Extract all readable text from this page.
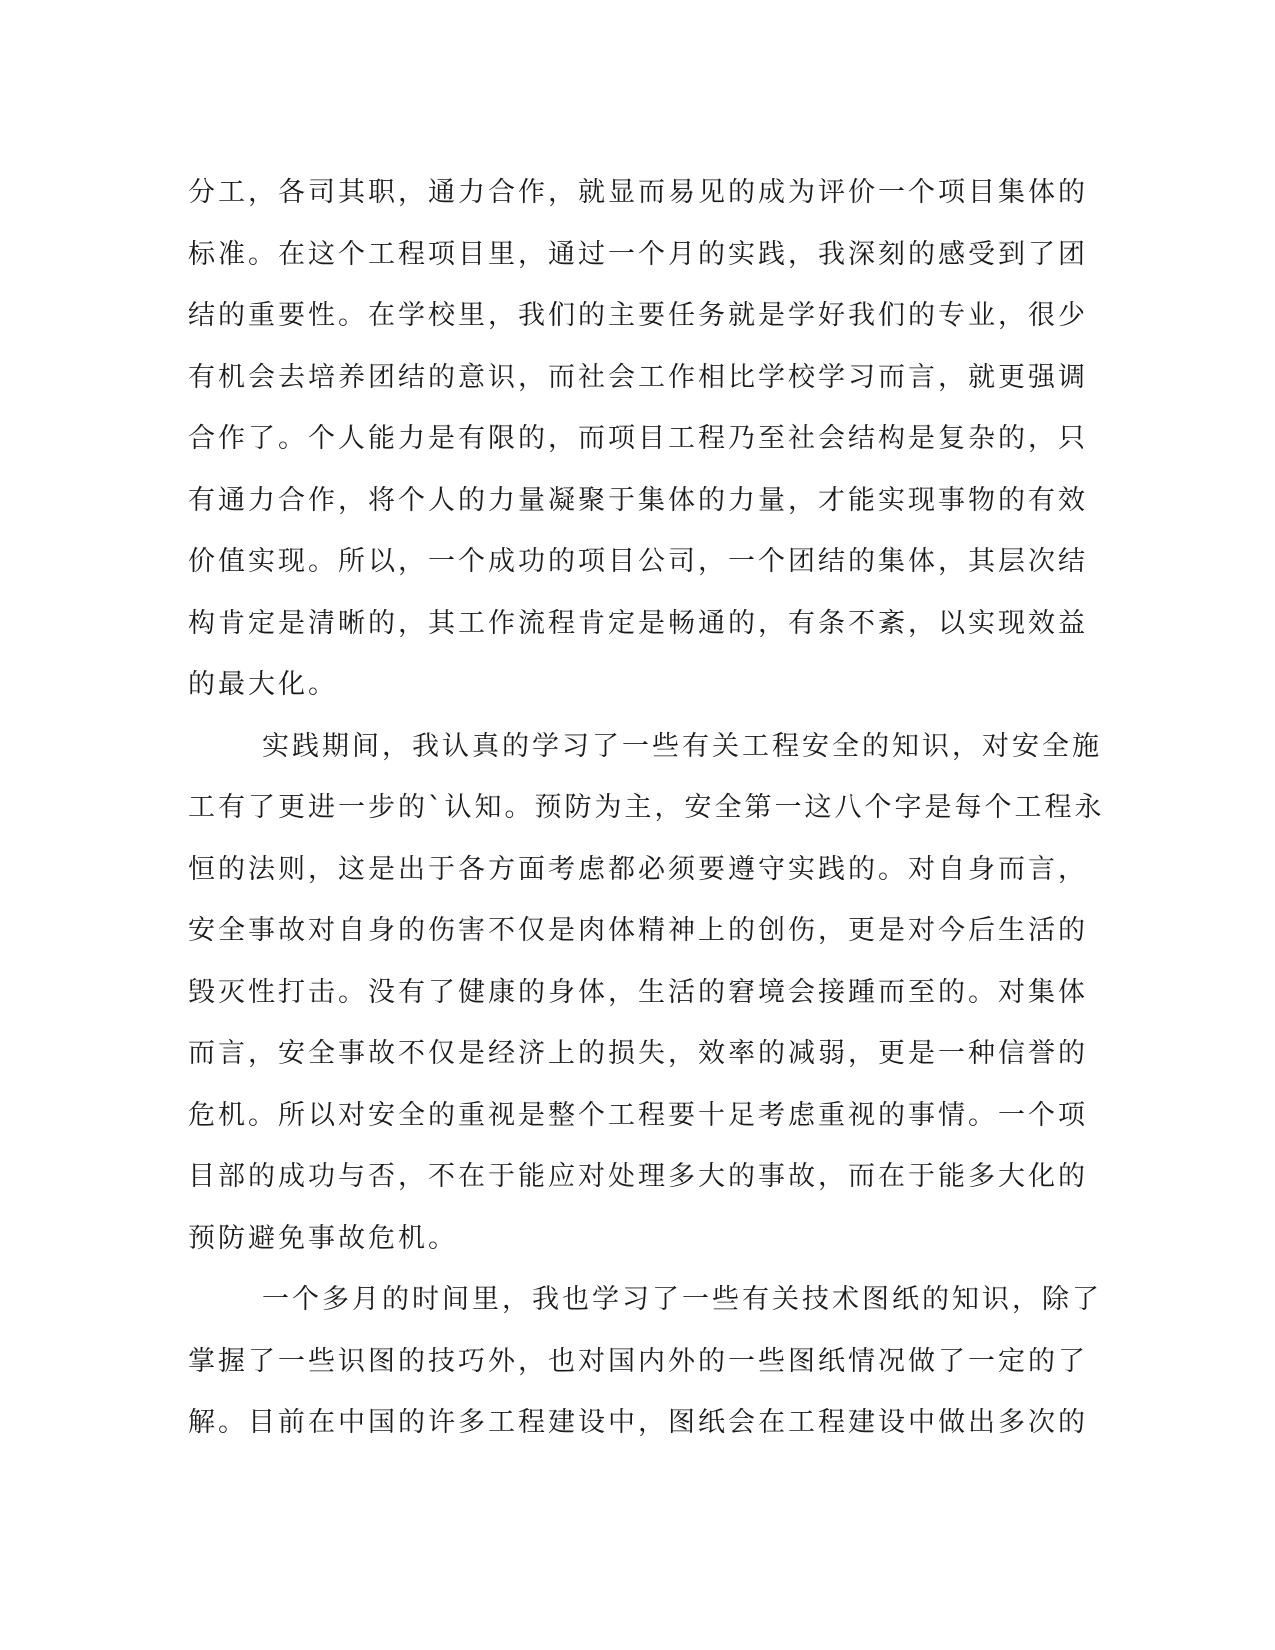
分工，各司其职，通力合作，就显而易见的成为评价一个项目集体的
标准。在这个工程项目里，通过一个月的实践，我深刻的感受到了团
结的重要性。在学校里，我们的主要任务就是学好我们的专业，很少
有机会去培养团结的意识，而社会工作相比学校学习而言，就更强调
合作了。个人能力是有限的，而项目工程乃至社会结构是复杂的，只
有通力合作，将个人的力量凝聚于集体的力量，才能实现事物的有效
价值实现。所以，一个成功的项目公司，一个团结的集体，其层次结
构肯定是清晰的，其工作流程肯定是畅通的，有条不紊，以实现效益
的最大化。
实践期间，我认真的学习了一些有关工程安全的知识，对安全施
工有了更进一步的`认知。预防为主，安全第一这八个字是每个工程永
恒的法则，这是出于各方面考虑都必须要遵守实践的。对自身而言，
安全事故对自身的伤害不仅是肉体精神上的创伤，更是对今后生活的
毁灭性打击。没有了健康的身体，生活的窘境会接踵而至的。对集体
而言，安全事故不仅是经济上的损失，效率的减弱，更是一种信誉的
危机。所以对安全的重视是整个工程要十足考虑重视的事情。一个项
目部的成功与否，不在于能应对处理多大的事故，而在于能多大化的
预防避免事故危机。
一个多月的时间里，我也学习了一些有关技术图纸的知识，除了
掌握了一些识图的技巧外，也对国内外的一些图纸情况做了一定的了
解。目前在中国的许多工程建设中，图纸会在工程建设中做出多次的
